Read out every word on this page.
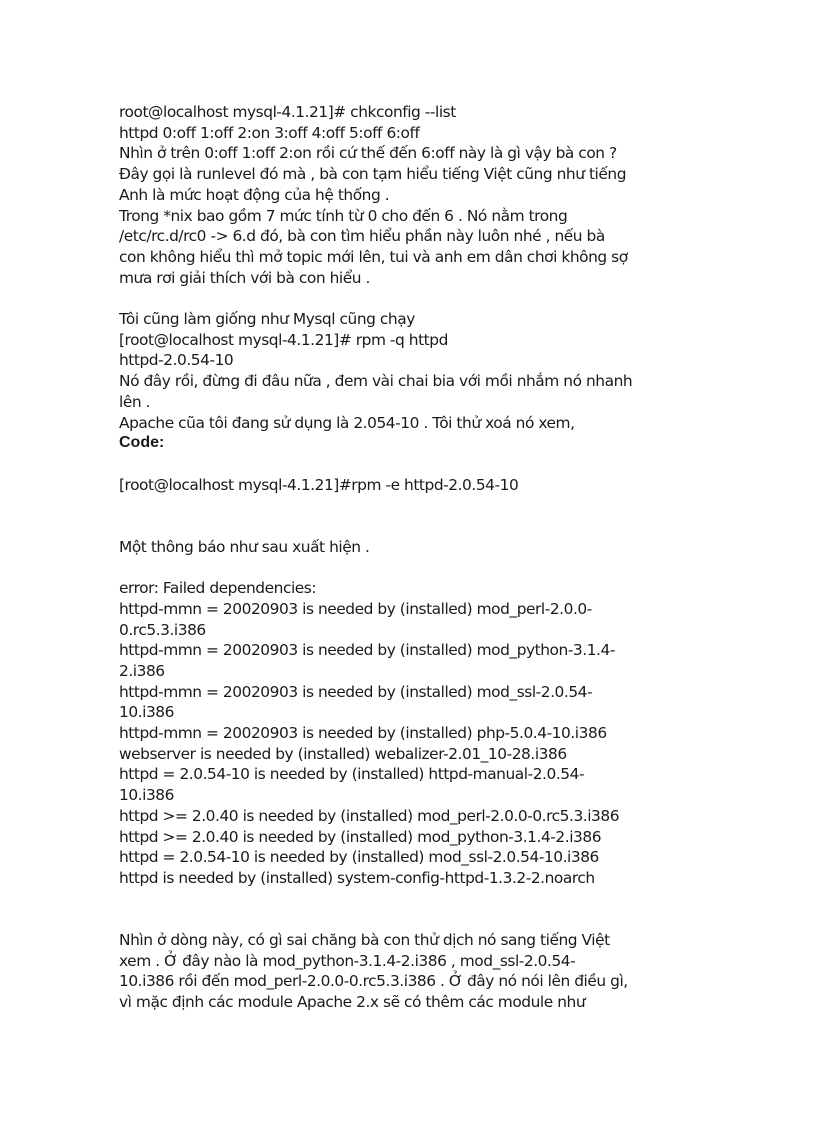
root@localhost mysql-4.1.21]# chkconfig --list
httpd 0:off 1:off 2:on 3:off 4:off 5:off 6:off
Nhìn ở trên 0:off 1:off 2:on rồi cứ thế đến 6:off này là gì vậy bà con ?
Đây gọi là runlevel đó mà , bà con tạm hiểu tiếng Việt cũng như tiếng
Anh là mức hoạt động của hệ thống .
Trong *nix bao gồm 7 mức tính từ 0 cho đến 6 . Nó nằm trong
/etc/rc.d/rc0 -> 6.d đó, bà con tìm hiểu phần này luôn nhé , nếu bà
con không hiểu thì mở topic mới lên, tui và anh em dân chơi không sợ
mưa rơi giải thích với bà con hiểu .
Tôi cũng làm giống như Mysql cũng chạy
[root@localhost mysql-4.1.21]# rpm -q httpd
httpd-2.0.54-10
Nó đây rồi, đừng đi đâu nữa , đem vài chai bia với mồi nhắm nó nhanh
lên .
Apache cũa tôi đang sử dụng là 2.054-10 . Tôi thử xoá nó xem,
Code:
[root@localhost mysql-4.1.21]#rpm -e httpd-2.0.54-10
Một thông báo như sau xuất hiện .
error: Failed dependencies:
httpd-mmn = 20020903 is needed by (installed) mod_perl-2.0.0-
0.rc5.3.i386
httpd-mmn = 20020903 is needed by (installed) mod_python-3.1.4-
2.i386
httpd-mmn = 20020903 is needed by (installed) mod_ssl-2.0.54-
10.i386
httpd-mmn = 20020903 is needed by (installed) php-5.0.4-10.i386
webserver is needed by (installed) webalizer-2.01_10-28.i386
httpd = 2.0.54-10 is needed by (installed) httpd-manual-2.0.54-
10.i386
httpd >= 2.0.40 is needed by (installed) mod_perl-2.0.0-0.rc5.3.i386
httpd >= 2.0.40 is needed by (installed) mod_python-3.1.4-2.i386
httpd = 2.0.54-10 is needed by (installed) mod_ssl-2.0.54-10.i386
httpd is needed by (installed) system-config-httpd-1.3.2-2.noarch
Nhìn ở dòng này, có gì sai chăng bà con thử dịch nó sang tiếng Việt
xem . Ở đây nào là mod_python-3.1.4-2.i386 , mod_ssl-2.0.54-
10.i386 rồi đến mod_perl-2.0.0-0.rc5.3.i386 . Ở đây nó nói lên điều gì,
vì mặc định các module Apache 2.x sẽ có thêm các module như
